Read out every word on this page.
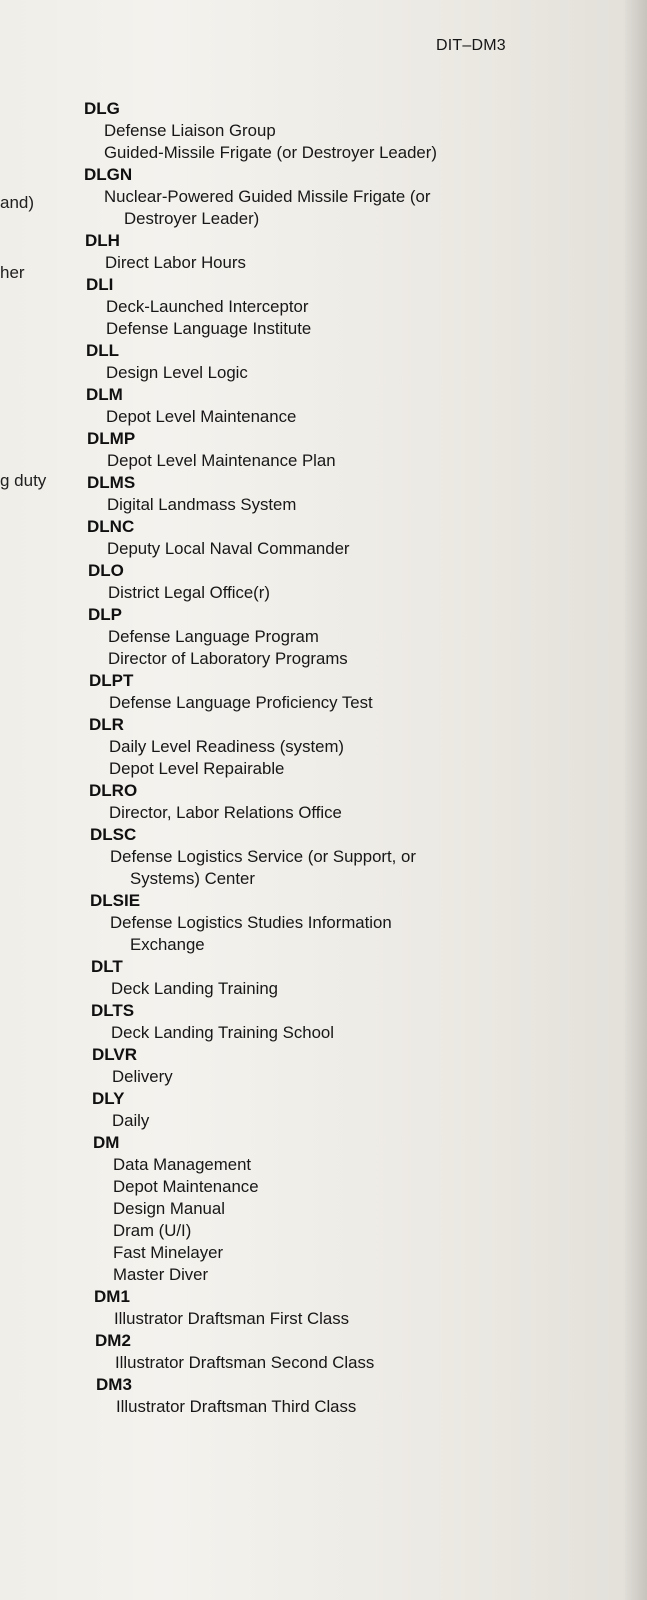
DIT–DM3
and)
her
g duty
DLG
Defense Liaison Group
Guided-Missile Frigate (or Destroyer Leader)
DLGN
Nuclear-Powered Guided Missile Frigate (or
Destroyer Leader)
DLH
Direct Labor Hours
DLI
Deck-Launched Interceptor
Defense Language Institute
DLL
Design Level Logic
DLM
Depot Level Maintenance
DLMP
Depot Level Maintenance Plan
DLMS
Digital Landmass System
DLNC
Deputy Local Naval Commander
DLO
District Legal Office(r)
DLP
Defense Language Program
Director of Laboratory Programs
DLPT
Defense Language Proficiency Test
DLR
Daily Level Readiness (system)
Depot Level Repairable
DLRO
Director, Labor Relations Office
DLSC
Defense Logistics Service (or Support, or
Systems) Center
DLSIE
Defense Logistics Studies Information
Exchange
DLT
Deck Landing Training
DLTS
Deck Landing Training School
DLVR
Delivery
DLY
Daily
DM
Data Management
Depot Maintenance
Design Manual
Dram (U/I)
Fast Minelayer
Master Diver
DM1
Illustrator Draftsman First Class
DM2
Illustrator Draftsman Second Class
DM3
Illustrator Draftsman Third Class
